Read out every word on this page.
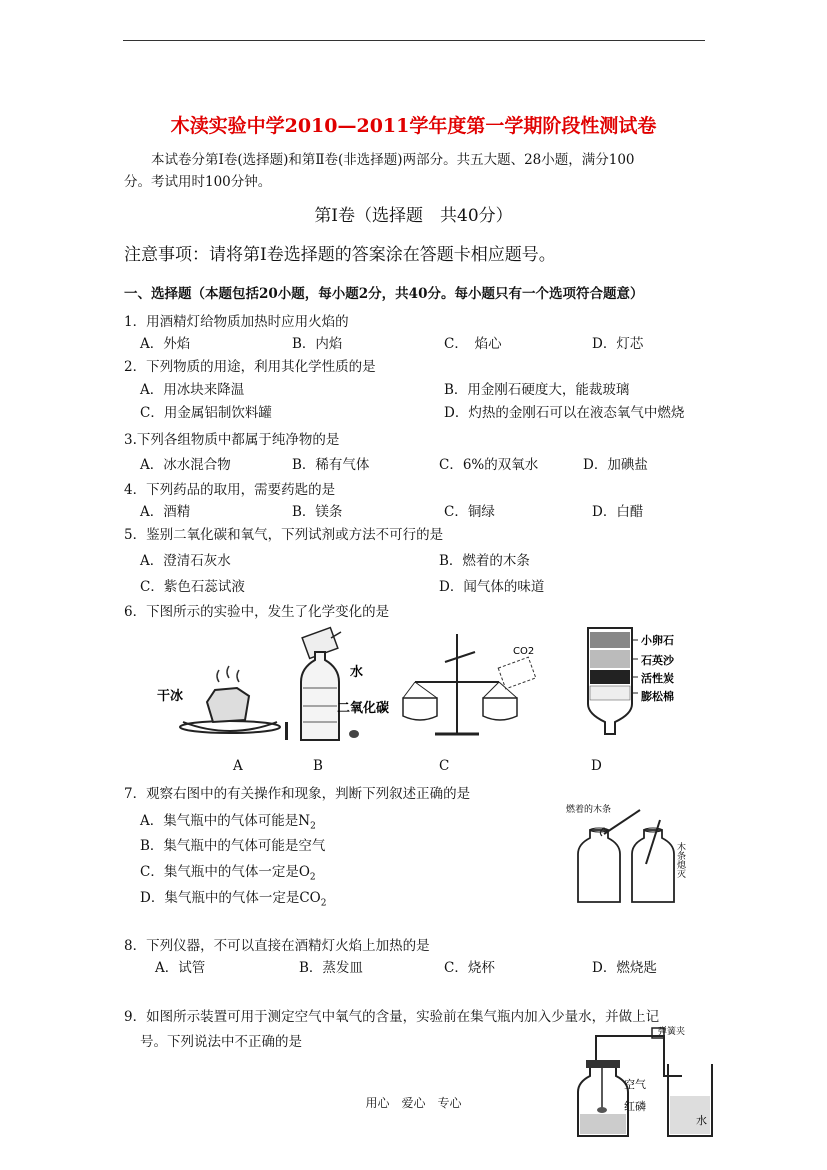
木渎实验中学2010—2011学年度第一学期阶段性测试卷
本试卷分第Ⅰ卷(选择题)和第Ⅱ卷(非选择题)两部分。共五大题、28小题，满分100
分。考试用时100分钟。
第Ⅰ卷（选择题　共40分）
注意事项：请将第Ⅰ卷选择题的答案涂在答题卡相应题号。
一、选择题（本题包括20小题，每小题2分，共40分。每小题只有一个选项符合题意）
1．用酒精灯给物质加热时应用火焰的
A．外焰	B．内焰	C．　焰心	D．灯芯
2．下列物质的用途，利用其化学性质的是
A．用冰块来降温	B．用金刚石硬度大，能裁玻璃
C．用金属铝制饮料罐	D．灼热的金刚石可以在液态氧气中燃烧
3.下列各组物质中都属于纯净物的是
A．冰水混合物	B．稀有气体	C．6%的双氧水	D．加碘盐
4．下列药品的取用，需要药匙的是
A．酒精	B．镁条	C．铜绿	D．白醋
5．鉴别二氧化碳和氧气，下列试剂或方法不可行的是
A．澄清石灰水	B．燃着的木条
C．紫色石蕊试液	D．闻气体的味道
6．下图所示的实验中，发生了化学变化的是
干冰
水
二氧化碳
CO2
小卵石
石英沙
活性炭
膨松棉
A	B	C	D
7．观察右图中的有关操作和现象，判断下列叙述正确的是
A．集气瓶中的气体可能是$N_2$
B．集气瓶中的气体可能是空气
C．集气瓶中的气体一定是$O_2$
D．集气瓶中的气体一定是$CO_2$
燃着的木条
木条熄灭
8．下列仪器，不可以直接在酒精灯火焰上加热的是
A．试管	B．蒸发皿	C．烧杯	D．燃烧匙
9．如图所示装置可用于测定空气中氧气的含量，实验前在集气瓶内加入少量水，并做上记
号。下列说法中不正确的是
弹簧夹
空气
红磷
水
用心　爱心　专心
